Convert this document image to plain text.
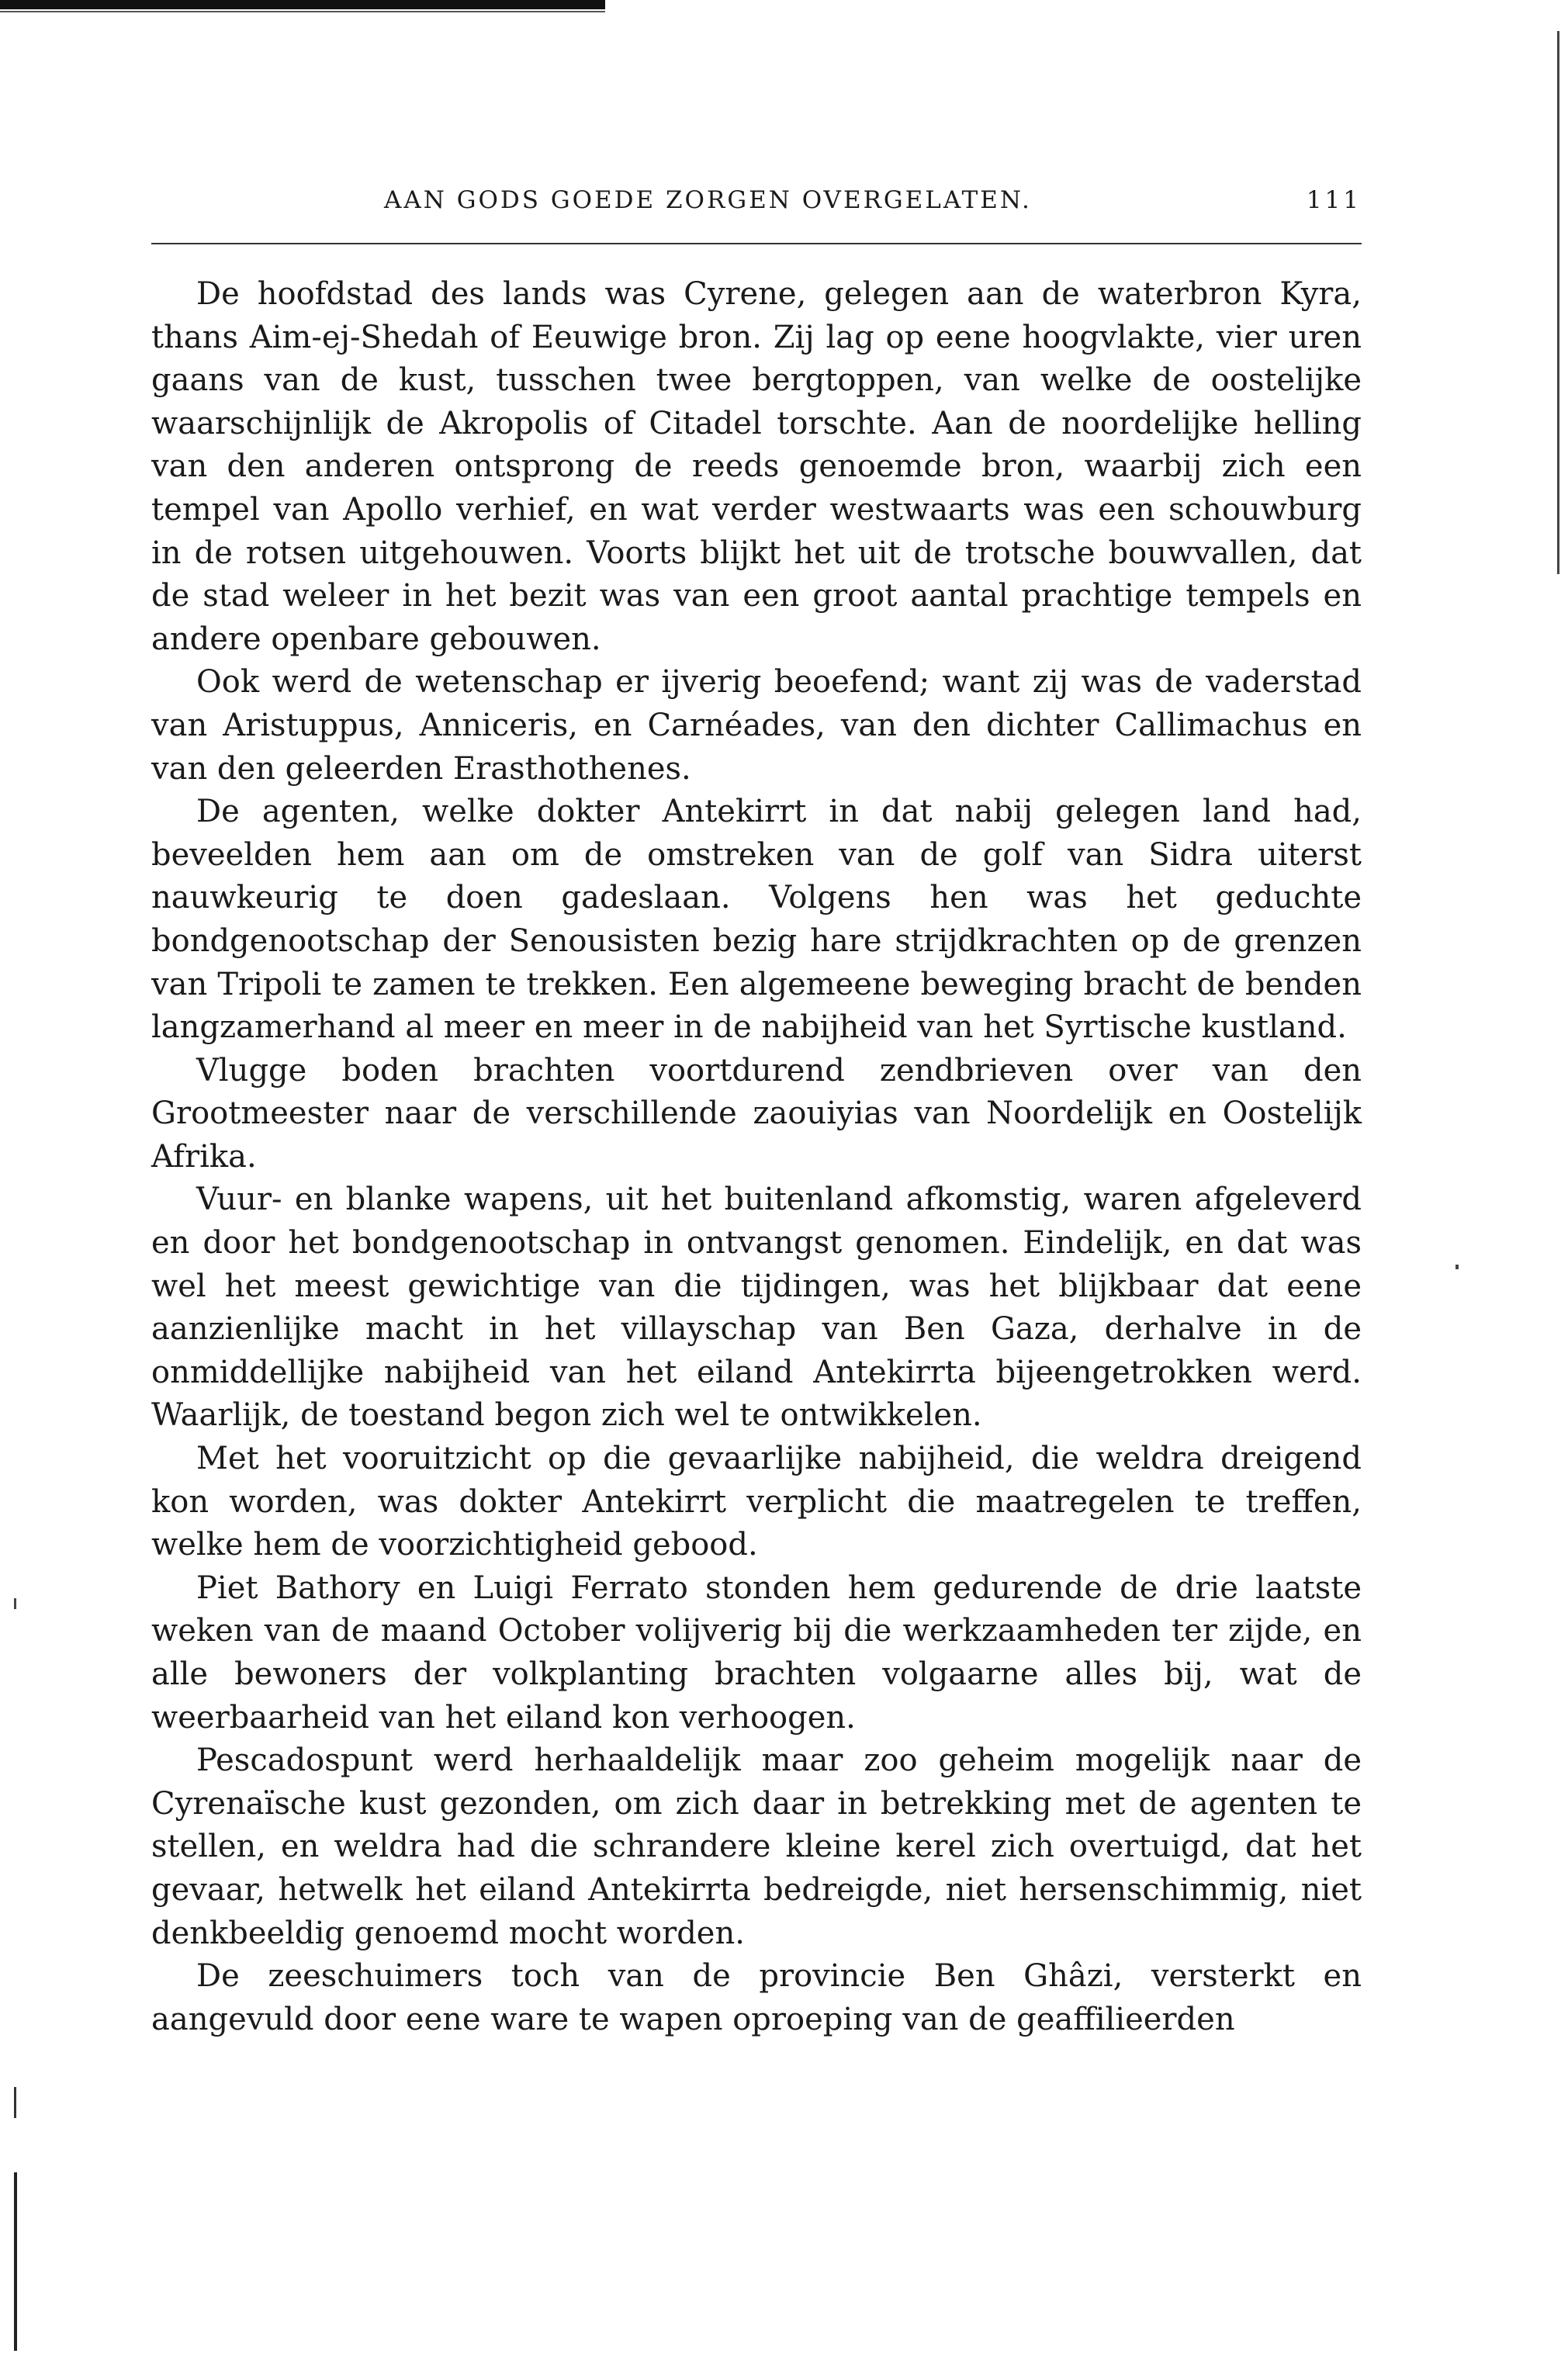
AAN GODS GOEDE ZORGEN OVERGELATEN.	111

De hoofdstad des lands was Cyrene, gelegen aan de waterbron Kyra, thans Aim-ej-Shedah of Eeuwige bron. Zij lag op eene hoogvlakte, vier uren gaans van de kust, tusschen twee bergtoppen, van welke de oostelijke waarschijnlijk de Akropolis of Citadel torschte. Aan de noordelijke helling van den anderen ontsprong de reeds genoemde bron, waarbij zich een tempel van Apollo verhief, en wat verder westwaarts was een schouwburg in de rotsen uitgehouwen. Voorts blijkt het uit de trotsche bouwvallen, dat de stad weleer in het bezit was van een groot aantal prachtige tempels en andere openbare gebouwen.

Ook werd de wetenschap er ijverig beoefend; want zij was de vaderstad van Aristuppus, Anniceris, en Carnéades, van den dichter Callimachus en van den geleerden Erasthothenes.

De agenten, welke dokter Antekirrt in dat nabij gelegen land had, beveelden hem aan om de omstreken van de golf van Sidra uiterst nauwkeurig te doen gadeslaan. Volgens hen was het geduchte bondgenootschap der Senousisten bezig hare strijdkrachten op de grenzen van Tripoli te zamen te trekken. Een algemeene beweging bracht de benden langzamerhand al meer en meer in de nabijheid van het Syrtische kustland.

Vlugge boden brachten voortdurend zendbrieven over van den Grootmeester naar de verschillende zaouiyias van Noordelijk en Oostelijk Afrika.

Vuur- en blanke wapens, uit het buitenland afkomstig, waren afgeleverd en door het bondgenootschap in ontvangst genomen. Eindelijk, en dat was wel het meest gewichtige van die tijdingen, was het blijkbaar dat eene aanzienlijke macht in het villayschap van Ben Gaza, derhalve in de onmiddellijke nabijheid van het eiland Antekirrta bijeengetrokken werd. Waarlijk, de toestand begon zich wel te ontwikkelen.

Met het vooruitzicht op die gevaarlijke nabijheid, die weldra dreigend kon worden, was dokter Antekirrt verplicht die maatregelen te treffen, welke hem de voorzichtigheid gebood.

Piet Bathory en Luigi Ferrato stonden hem gedurende de drie laatste weken van de maand October volijverig bij die werkzaamheden ter zijde, en alle bewoners der volkplanting brachten volgaarne alles bij, wat de weerbaarheid van het eiland kon verhoogen.

Pescadospunt werd herhaaldelijk maar zoo geheim mogelijk naar de Cyrenaïsche kust gezonden, om zich daar in betrekking met de agenten te stellen, en weldra had die schrandere kleine kerel zich overtuigd, dat het gevaar, hetwelk het eiland Antekirrta bedreigde, niet hersenschimmig, niet denkbeeldig genoemd mocht worden.

De zeeschuimers toch van de provincie Ben Ghâzi, versterkt en aangevuld door eene ware te wapen oproeping van de geaffilieerden
